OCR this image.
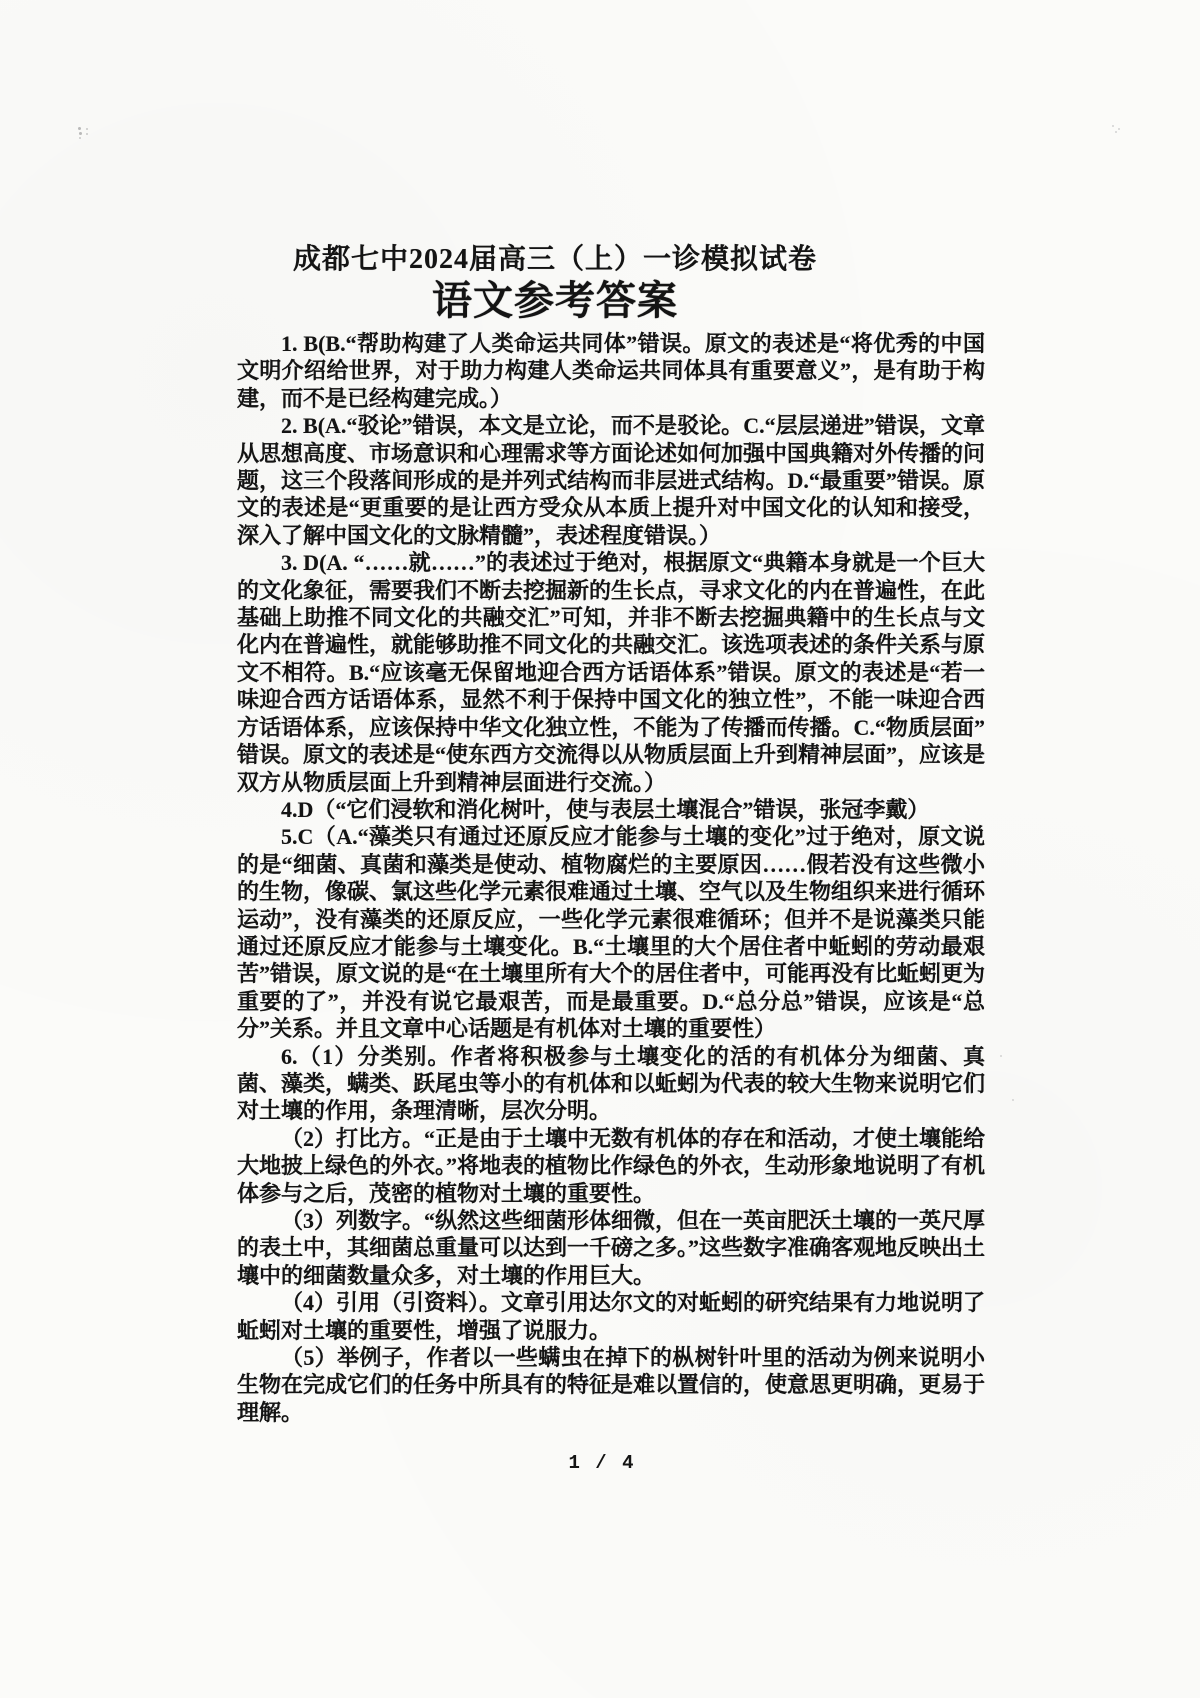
成都七中2024届高三（上）一诊模拟试卷
语文参考答案

1. B(B.“帮助构建了人类命运共同体”错误。原文的表述是“将优秀的中国文明介绍给世界，对于助力构建人类命运共同体具有重要意义”，是有助于构建，而不是已经构建完成。）

2. B(A.“驳论”错误，本文是立论，而不是驳论。C.“层层递进”错误，文章从思想高度、市场意识和心理需求等方面论述如何加强中国典籍对外传播的问题，这三个段落间形成的是并列式结构而非层进式结构。D.“最重要”错误。原文的表述是“更重要的是让西方受众从本质上提升对中国文化的认知和接受，深入了解中国文化的文脉精髓”，表述程度错误。）

3. D(A. “……就……”的表述过于绝对，根据原文“典籍本身就是一个巨大的文化象征，需要我们不断去挖掘新的生长点，寻求文化的内在普遍性，在此基础上助推不同文化的共融交汇”可知，并非不断去挖掘典籍中的生长点与文化内在普遍性，就能够助推不同文化的共融交汇。该选项表述的条件关系与原文不相符。B.“应该毫无保留地迎合西方话语体系”错误。原文的表述是“若一味迎合西方话语体系，显然不利于保持中国文化的独立性”，不能一味迎合西方话语体系，应该保持中华文化独立性，不能为了传播而传播。C.“物质层面”错误。原文的表述是“使东西方交流得以从物质层面上升到精神层面”，应该是双方从物质层面上升到精神层面进行交流。）

4.D（“它们浸软和消化树叶，使与表层土壤混合”错误，张冠李戴）

5.C（A.“藻类只有通过还原反应才能参与土壤的变化”过于绝对，原文说的是“细菌、真菌和藻类是使动、植物腐烂的主要原因……假若没有这些微小的生物，像碳、氯这些化学元素很难通过土壤、空气以及生物组织来进行循环运动”，没有藻类的还原反应，一些化学元素很难循环；但并不是说藻类只能通过还原反应才能参与土壤变化。B.“土壤里的大个居住者中蚯蚓的劳动最艰苦”错误，原文说的是“在土壤里所有大个的居住者中，可能再没有比蚯蚓更为重要的了”，并没有说它最艰苦，而是最重要。D.“总分总”错误，应该是“总分”关系。并且文章中心话题是有机体对土壤的重要性）

6.（1）分类别。作者将积极参与土壤变化的活的有机体分为细菌、真菌、藻类，螨类、跃尾虫等小的有机体和以蚯蚓为代表的较大生物来说明它们对土壤的作用，条理清晰，层次分明。

（2）打比方。“正是由于土壤中无数有机体的存在和活动，才使土壤能给大地披上绿色的外衣。”将地表的植物比作绿色的外衣，生动形象地说明了有机体参与之后，茂密的植物对土壤的重要性。

（3）列数字。“纵然这些细菌形体细微，但在一英亩肥沃土壤的一英尺厚的表土中，其细菌总重量可以达到一千磅之多。”这些数字准确客观地反映出土壤中的细菌数量众多，对土壤的作用巨大。

（4）引用（引资料）。文章引用达尔文的对蚯蚓的研究结果有力地说明了蚯蚓对土壤的重要性，增强了说服力。

（5）举例子，作者以一些螨虫在掉下的枞树针叶里的活动为例来说明小生物在完成它们的任务中所具有的特征是难以置信的，使意思更明确，更易于理解。

1 / 4
